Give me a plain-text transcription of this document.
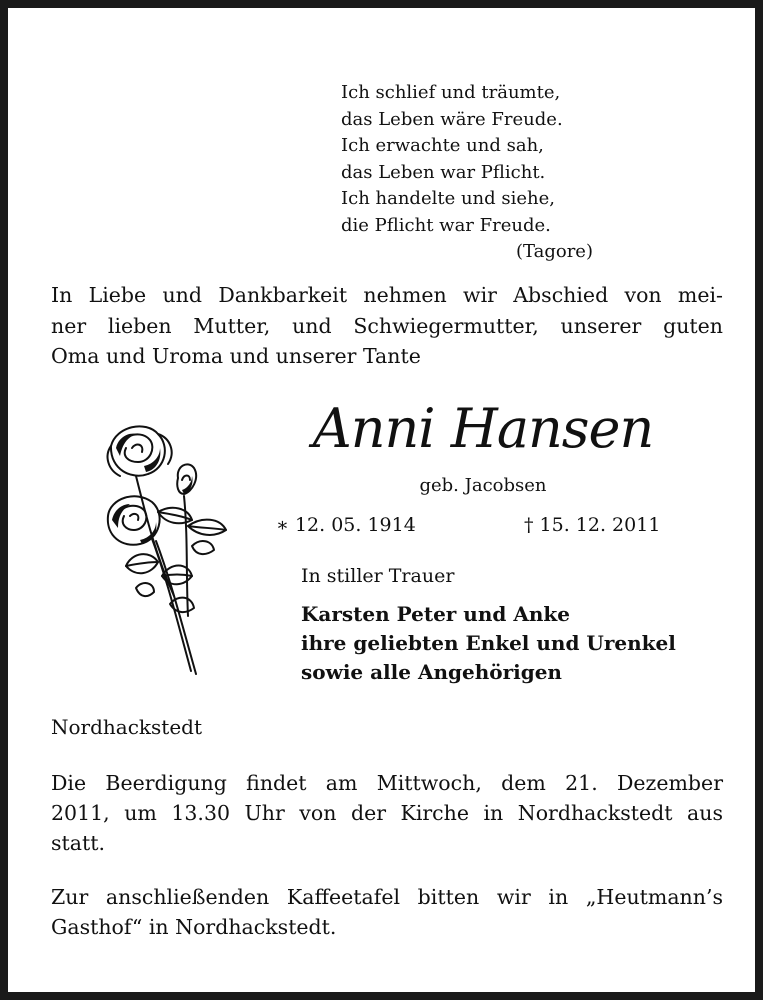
Ich schlief und träumte,
das Leben wäre Freude.
Ich erwachte und sah,
das Leben war Pflicht.
Ich handelte und siehe,
die Pflicht war Freude.
(Tagore)
In Liebe und Dankbarkeit nehmen wir Abschied von mei-
ner lieben Mutter, und Schwiegermutter, unserer guten
Oma und Uroma und unserer Tante
Anni Hansen
geb. Jacobsen
∗ 12. 05. 1914	† 15. 12. 2011
In stiller Trauer
Karsten Peter und Anke
ihre geliebten Enkel und Urenkel
sowie alle Angehörigen
Nordhackstedt
Die Beerdigung findet am Mittwoch, dem 21. Dezember
2011, um 13.30 Uhr von der Kirche in Nordhackstedt aus
statt.
Zur anschließenden Kaffeetafel bitten wir in „Heutmann’s
Gasthof“ in Nordhackstedt.
